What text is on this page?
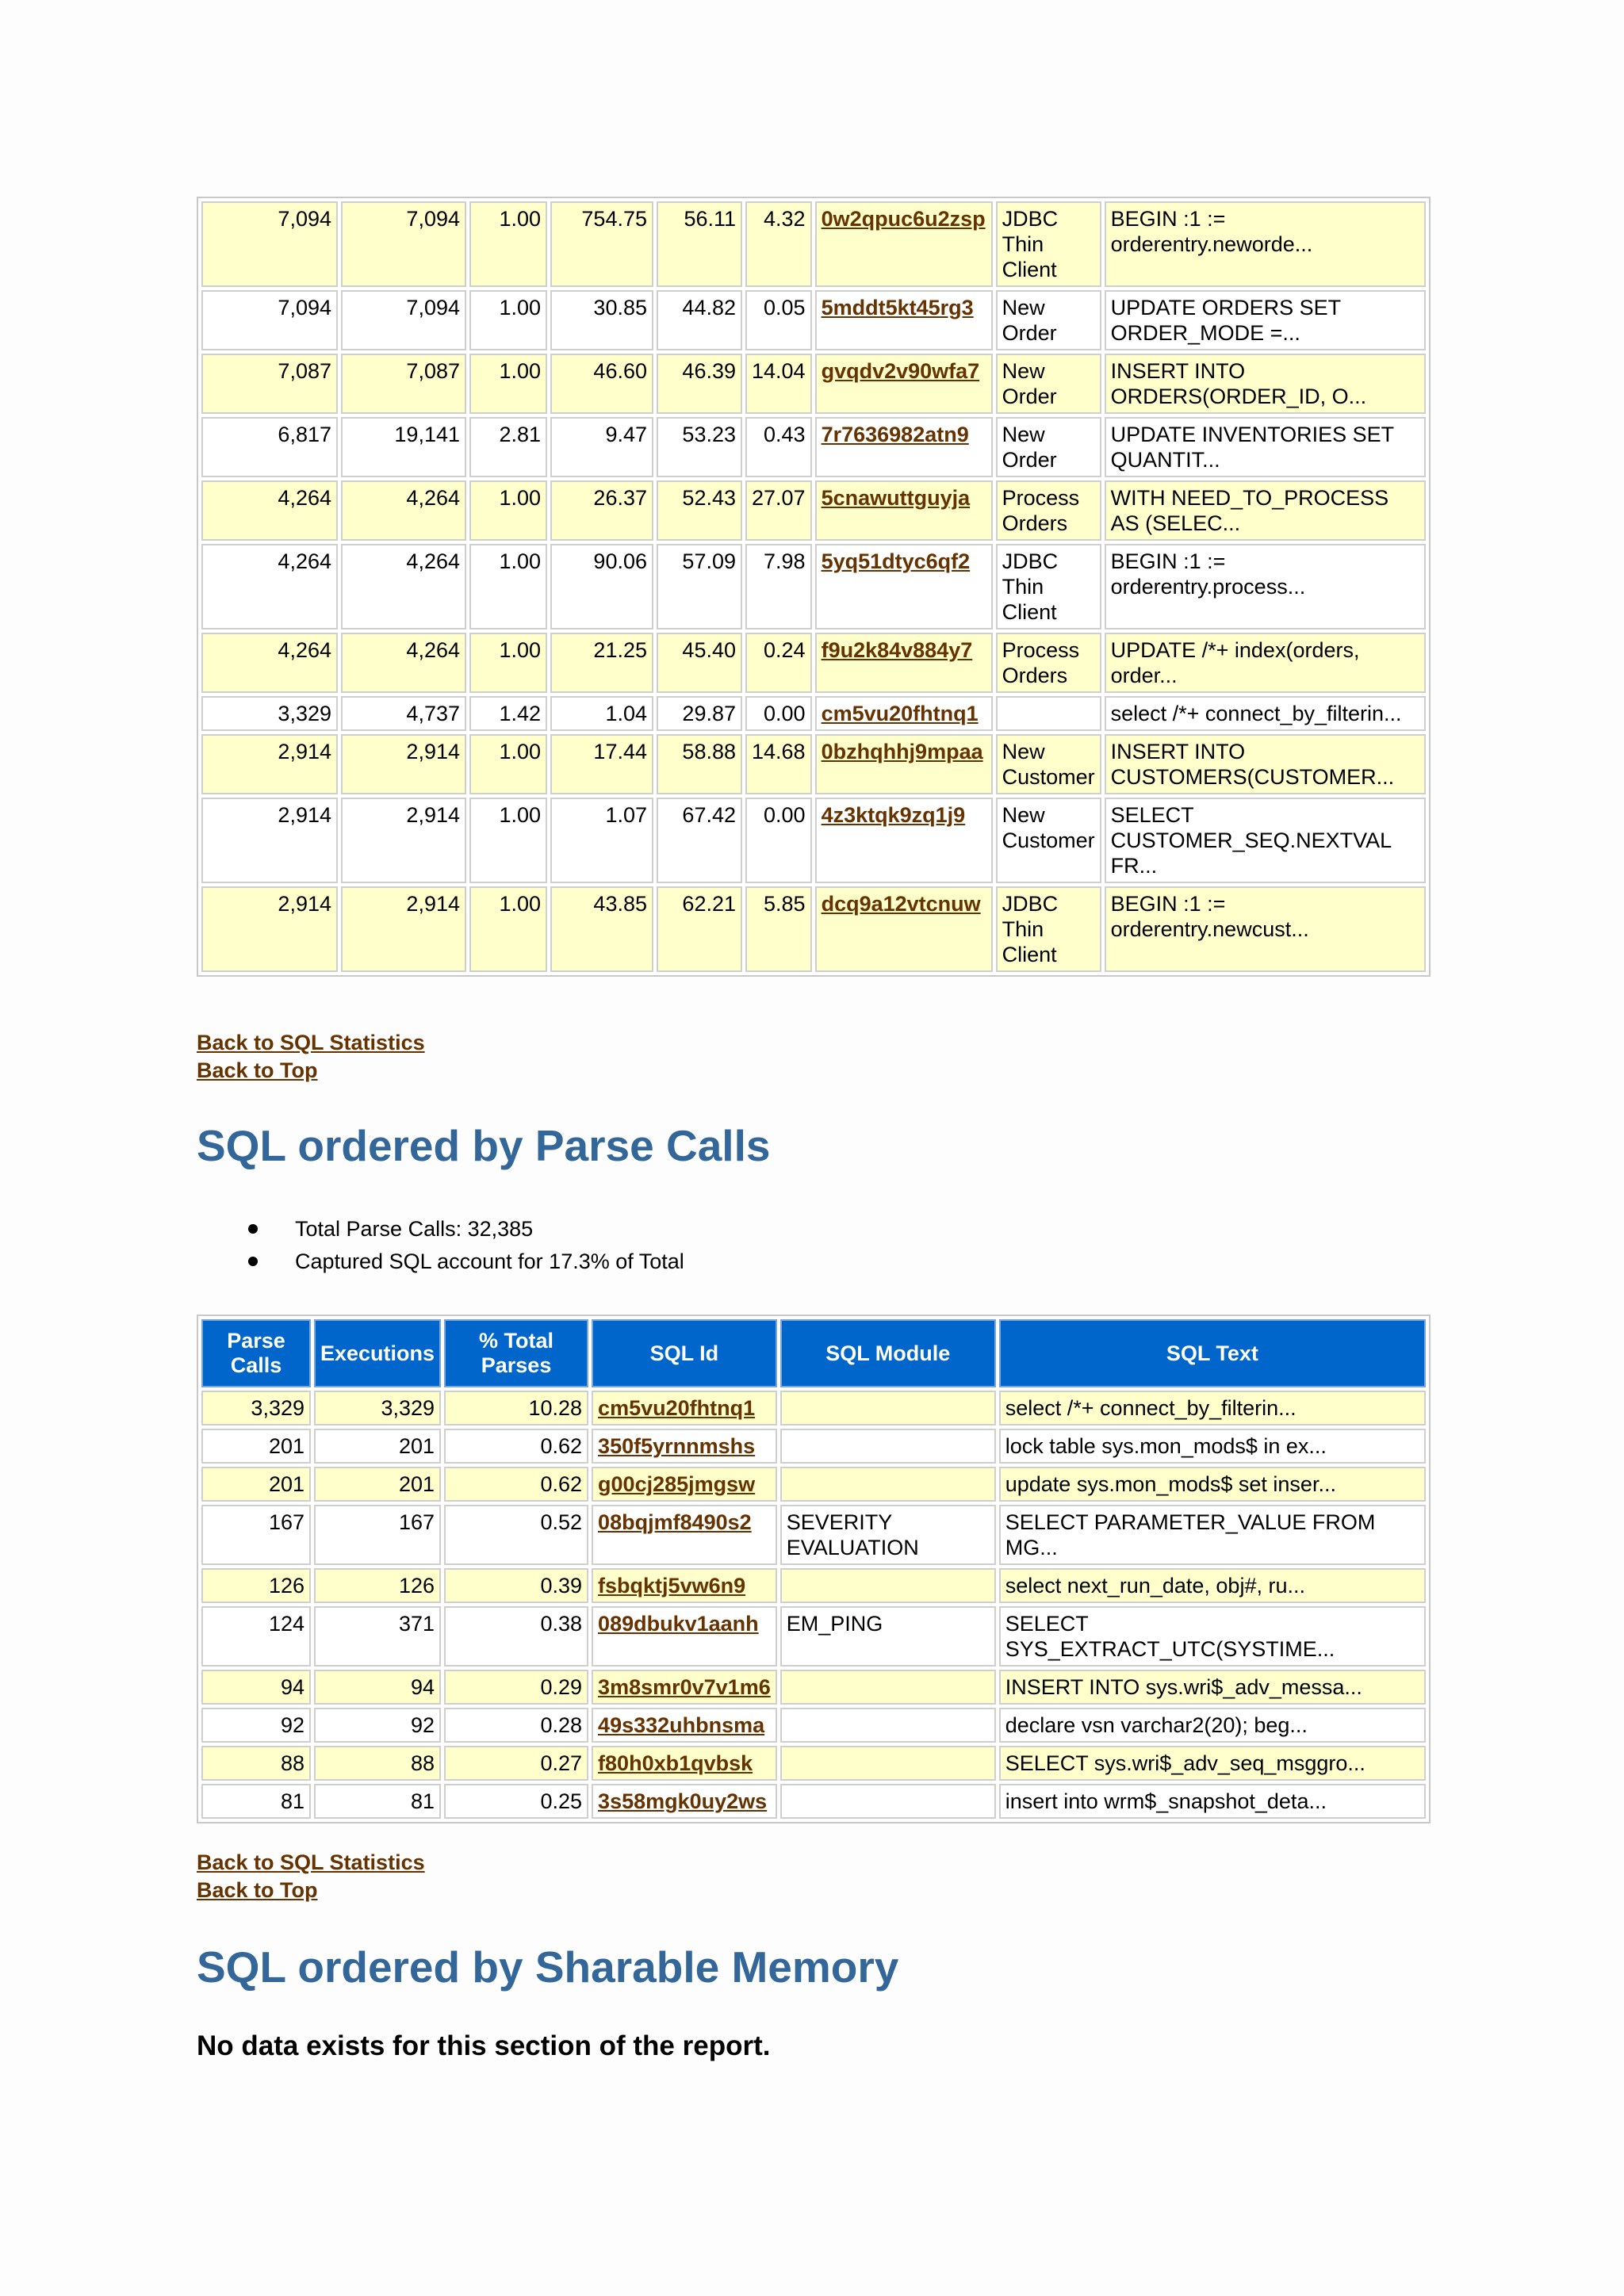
7,094	7,094	1.00	754.75	56.11	4.32	0w2qpuc6u2zsp	JDBC Thin Client	BEGIN :1 := orderentry.neworde...
7,094	7,094	1.00	30.85	44.82	0.05	5mddt5kt45rg3	New Order	UPDATE ORDERS SET ORDER_MODE =...
7,087	7,087	1.00	46.60	46.39	14.04	gvqdv2v90wfa7	New Order	INSERT INTO ORDERS(ORDER_ID, O...
6,817	19,141	2.81	9.47	53.23	0.43	7r7636982atn9	New Order	UPDATE INVENTORIES SET QUANTIT...
4,264	4,264	1.00	26.37	52.43	27.07	5cnawuttguyja	Process Orders	WITH NEED_TO_PROCESS AS (SELEC...
4,264	4,264	1.00	90.06	57.09	7.98	5yq51dtyc6qf2	JDBC Thin Client	BEGIN :1 := orderentry.process...
4,264	4,264	1.00	21.25	45.40	0.24	f9u2k84v884y7	Process Orders	UPDATE /*+ index(orders, order...
3,329	4,737	1.42	1.04	29.87	0.00	cm5vu20fhtnq1		select /*+ connect_by_filterin...
2,914	2,914	1.00	17.44	58.88	14.68	0bzhqhhj9mpaa	New Customer	INSERT INTO CUSTOMERS(CUSTOMER...
2,914	2,914	1.00	1.07	67.42	0.00	4z3ktqk9zq1j9	New Customer	SELECT CUSTOMER_SEQ.NEXTVAL FR...
2,914	2,914	1.00	43.85	62.21	5.85	dcq9a12vtcnuw	JDBC Thin Client	BEGIN :1 := orderentry.newcust...
Back to SQL Statistics
Back to Top
SQL ordered by Parse Calls
Total Parse Calls: 32,385
Captured SQL account for 17.3% of Total
Parse Calls	Executions	% Total Parses	SQL Id	SQL Module	SQL Text
3,329	3,329	10.28	cm5vu20fhtnq1		select /*+ connect_by_filterin...
201	201	0.62	350f5yrnnmshs		lock table sys.mon_mods$ in ex...
201	201	0.62	g00cj285jmgsw		update sys.mon_mods$ set inser...
167	167	0.52	08bqjmf8490s2	SEVERITY EVALUATION	SELECT PARAMETER_VALUE FROM MG...
126	126	0.39	fsbqktj5vw6n9		select next_run_date, obj#, ru...
124	371	0.38	089dbukv1aanh	EM_PING	SELECT SYS_EXTRACT_UTC(SYSTIME...
94	94	0.29	3m8smr0v7v1m6		INSERT INTO sys.wri$_adv_messa...
92	92	0.28	49s332uhbnsma		declare vsn varchar2(20); beg...
88	88	0.27	f80h0xb1qvbsk		SELECT sys.wri$_adv_seq_msggro...
81	81	0.25	3s58mgk0uy2ws		insert into wrm$_snapshot_deta...
Back to SQL Statistics
Back to Top
SQL ordered by Sharable Memory

No data exists for this section of the report.
